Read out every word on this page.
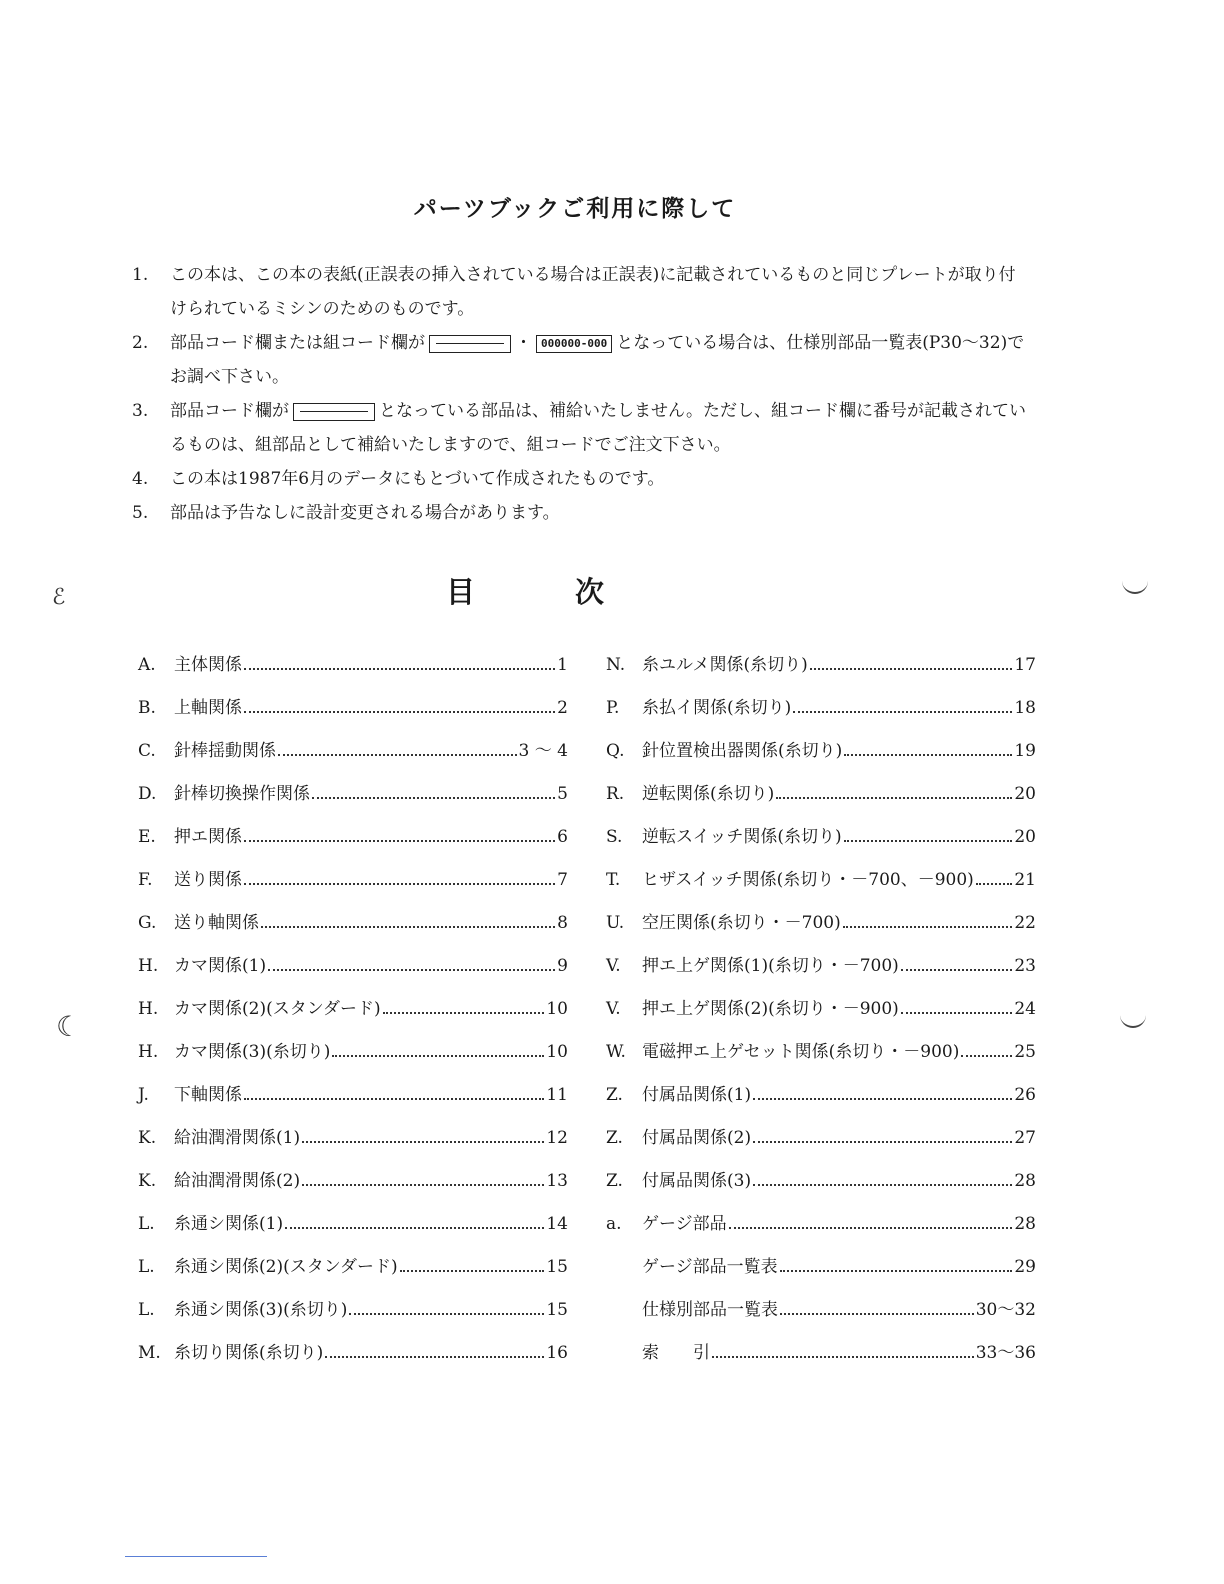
パーツブックご利用に際して
1.	この本は、この本の表紙(正誤表の挿入されている場合は正誤表)に記載されているものと同じプレートが取り付けられているミシンのためのものです。
2.	部品コード欄または組コード欄が	・ 000000-000 となっている場合は、仕様別部品一覧表(P30～32)でお調べ下さい。
3.	部品コード欄が	となっている部品は、補給いたしません。ただし、組コード欄に番号が記載されているものは、組部品として補給いたしますので、組コードでご注文下さい。
4.	この本は1987年6月のデータにもとづいて作成されたものです。
5.	部品は予告なしに設計変更される場合があります。
目次
A.	主体関係	1
B.	上軸関係	2
C.	針棒揺動関係	3 ～ 4
D.	針棒切換操作関係	5
E.	押エ関係	6
F.	送り関係	7
G.	送り軸関係	8
H. カマ関係(1)	9
H. カマ関係(2)(スタンダード)	10
H. カマ関係(3)(糸切り)	10
J.	下軸関係	11
K.	給油潤滑関係(1)	12
K.	給油潤滑関係(2)	13
L.	糸通シ関係(1)	14
L.	糸通シ関係(2)(スタンダード)	15
L.	糸通シ関係(3)(糸切り)	15
M. 糸切り関係(糸切り)	16
N. 糸ユルメ関係(糸切り)	17
P.	糸払イ関係(糸切り)	18
Q.	針位置検出器関係(糸切り)	19
R.	逆転関係(糸切り)	20
S.	逆転スイッチ関係(糸切り)	20
T.	ヒザスイッチ関係(糸切り・－700、－900) 21
U.	空圧関係(糸切り・－700)	22
V.	押エ上ゲ関係(1)(糸切り・－700)	23
V.	押エ上ゲ関係(2)(糸切り・－900)	24
W. 電磁押エ上ゲセット関係(糸切り・－900)	25
Z.	付属品関係(1)	26
Z.	付属品関係(2)	27
Z.	付属品関係(3)	28
a.	ゲージ部品	28
ゲージ部品一覧表	29
仕様別部品一覧表	30～32
索　　引	33～36
ℰ
☾
